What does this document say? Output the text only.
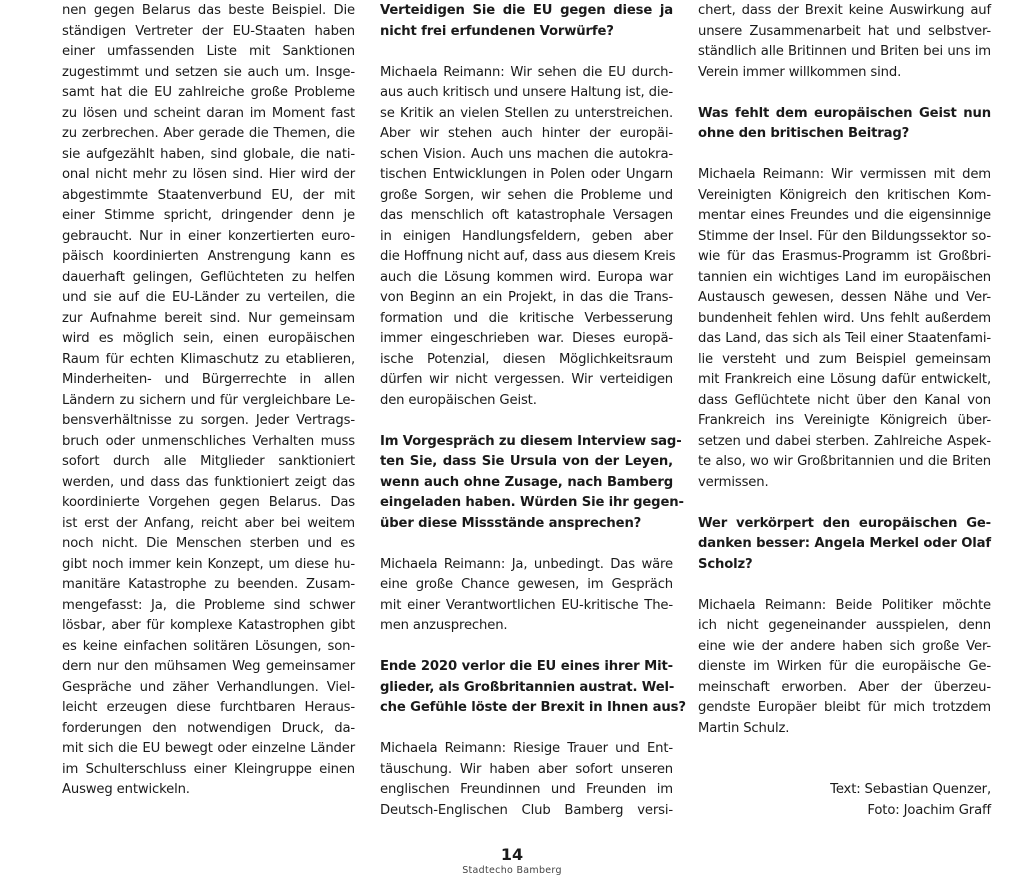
nen gegen Belarus das beste Beispiel. Die
ständigen Vertreter der EU-Staaten haben
einer umfassenden Liste mit Sanktionen
zugestimmt und setzen sie auch um. Insge-
samt hat die EU zahlreiche große Probleme
zu lösen und scheint daran im Moment fast
zu zerbrechen. Aber gerade die Themen, die
sie aufgezählt haben, sind globale, die nati-
onal nicht mehr zu lösen sind. Hier wird der
abgestimmte Staatenverbund EU, der mit
einer Stimme spricht, dringender denn je
gebraucht. Nur in einer konzertierten euro-
päisch koordinierten Anstrengung kann es
dauerhaft gelingen, Geflüchteten zu helfen
und sie auf die EU-Länder zu verteilen, die
zur Aufnahme bereit sind. Nur gemeinsam
wird es möglich sein, einen europäischen
Raum für echten Klimaschutz zu etablieren,
Minderheiten- und Bürgerrechte in allen
Ländern zu sichern und für vergleichbare Le-
bensverhältnisse zu sorgen. Jeder Vertrags-
bruch oder unmenschliches Verhalten muss
sofort durch alle Mitglieder sanktioniert
werden, und dass das funktioniert zeigt das
koordinierte Vorgehen gegen Belarus. Das
ist erst der Anfang, reicht aber bei weitem
noch nicht. Die Menschen sterben und es
gibt noch immer kein Konzept, um diese hu-
manitäre Katastrophe zu beenden. Zusam-
mengefasst: Ja, die Probleme sind schwer
lösbar, aber für komplexe Katastrophen gibt
es keine einfachen solitären Lösungen, son-
dern nur den mühsamen Weg gemeinsamer
Gespräche und zäher Verhandlungen. Viel-
leicht erzeugen diese furchtbaren Heraus-
forderungen den notwendigen Druck, da-
mit sich die EU bewegt oder einzelne Länder
im Schulterschluss einer Kleingruppe einen
Ausweg entwickeln.
Verteidigen Sie die EU gegen diese ja
nicht frei erfundenen Vorwürfe?
Michaela Reimann: Wir sehen die EU durch-
aus auch kritisch und unsere Haltung ist, die-
se Kritik an vielen Stellen zu unterstreichen.
Aber wir stehen auch hinter der europäi-
schen Vision. Auch uns machen die autokra-
tischen Entwicklungen in Polen oder Ungarn
große Sorgen, wir sehen die Probleme und
das menschlich oft katastrophale Versagen
in einigen Handlungsfeldern, geben aber
die Hoffnung nicht auf, dass aus diesem Kreis
auch die Lösung kommen wird. Europa war
von Beginn an ein Projekt, in das die Trans-
formation und die kritische Verbesserung
immer eingeschrieben war. Dieses europä-
ische Potenzial, diesen Möglichkeitsraum
dürfen wir nicht vergessen. Wir verteidigen
den europäischen Geist.
Im Vorgespräch zu diesem Interview sag-
ten Sie, dass Sie Ursula von der Leyen,
wenn auch ohne Zusage, nach Bamberg
eingeladen haben. Würden Sie ihr gegen-
über diese Missstände ansprechen?
Michaela Reimann: Ja, unbedingt. Das wäre
eine große Chance gewesen, im Gespräch
mit einer Verantwortlichen EU-kritische The-
men anzusprechen.
Ende 2020 verlor die EU eines ihrer Mit-
glieder, als Großbritannien austrat. Wel-
che Gefühle löste der Brexit in Ihnen aus?
Michaela Reimann: Riesige Trauer und Ent-
täuschung. Wir haben aber sofort unseren
englischen Freundinnen und Freunden im
Deutsch-Englischen Club Bamberg versi-
chert, dass der Brexit keine Auswirkung auf
unsere Zusammenarbeit hat und selbstver-
ständlich alle Britinnen und Briten bei uns im
Verein immer willkommen sind.
Was fehlt dem europäischen Geist nun
ohne den britischen Beitrag?
Michaela Reimann: Wir vermissen mit dem
Vereinigten Königreich den kritischen Kom-
mentar eines Freundes und die eigensinnige
Stimme der Insel. Für den Bildungssektor so-
wie für das Erasmus-Programm ist Großbri-
tannien ein wichtiges Land im europäischen
Austausch gewesen, dessen Nähe und Ver-
bundenheit fehlen wird. Uns fehlt außerdem
das Land, das sich als Teil einer Staatenfami-
lie versteht und zum Beispiel gemeinsam
mit Frankreich eine Lösung dafür entwickelt,
dass Geflüchtete nicht über den Kanal von
Frankreich ins Vereinigte Königreich über-
setzen und dabei sterben. Zahlreiche Aspek-
te also, wo wir Großbritannien und die Briten
vermissen.
Wer verkörpert den europäischen Ge-
danken besser: Angela Merkel oder Olaf
Scholz?
Michaela Reimann: Beide Politiker möchte
ich nicht gegeneinander ausspielen, denn
eine wie der andere haben sich große Ver-
dienste im Wirken für die europäische Ge-
meinschaft erworben. Aber der überzeu-
gendste Europäer bleibt für mich trotzdem
Martin Schulz.
Text: Sebastian Quenzer,
Foto: Joachim Graff
14
Stadtecho Bamberg
